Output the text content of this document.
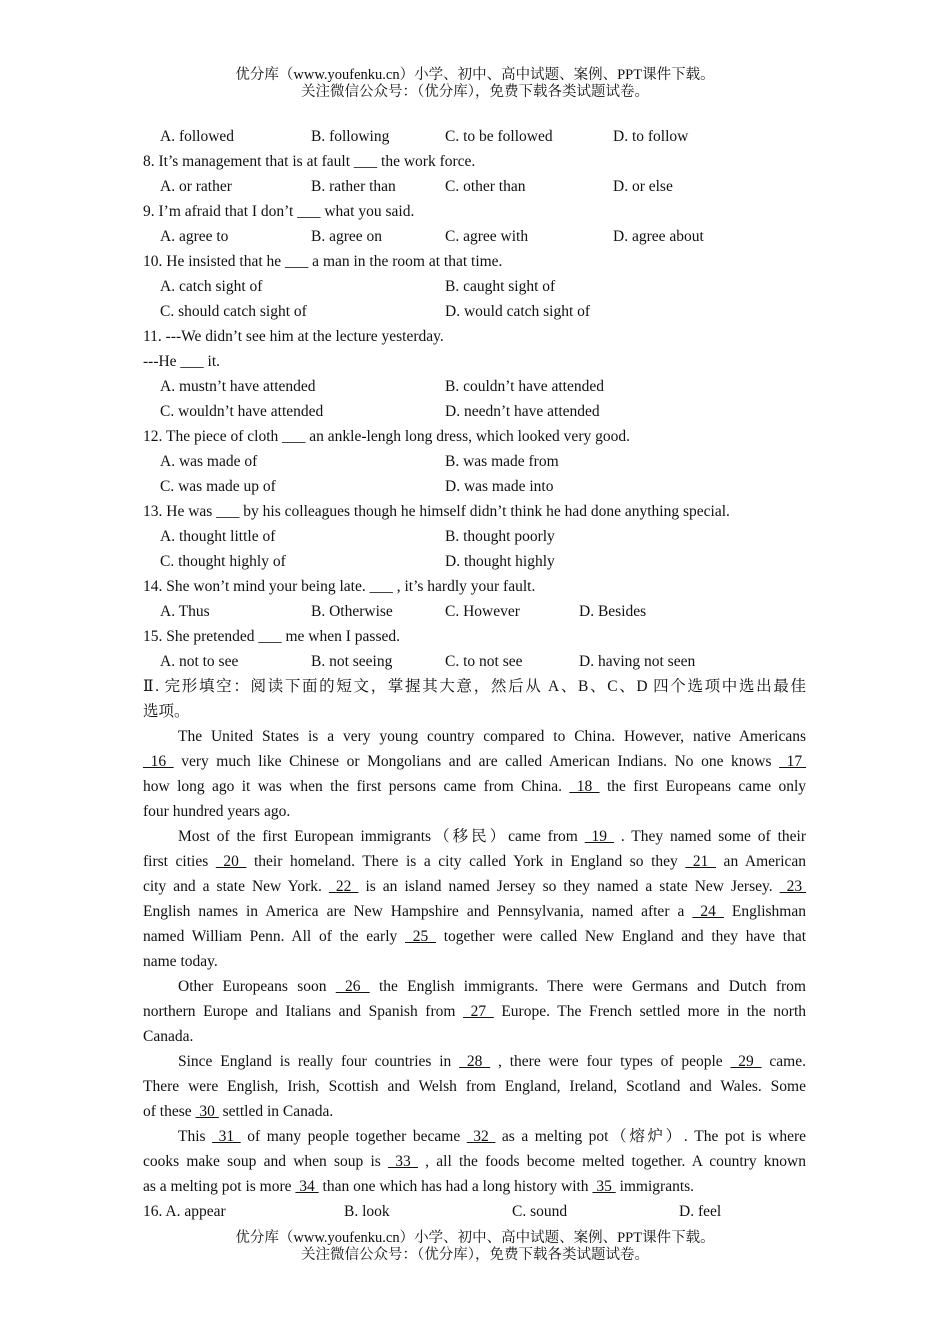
优分库（www.youfenku.cn）小学、初中、高中试题、案例、PPT课件下载。
关注微信公众号：（优分库），免费下载各类试题试卷。
A. followed	B. following	C. to be followed	D. to follow
8. It’s management that is at fault ___ the work force.
A. or rather	B. rather than	C. other than	D. or else
9. I’m afraid that I don’t ___ what you said.
A. agree to	B. agree on	C. agree with	D. agree about
10. He insisted that he ___ a man in the room at that time.
A. catch sight of	B. caught sight of
C. should catch sight of	D. would catch sight of
11. ---We didn’t see him at the lecture yesterday.
---He ___ it.
A. mustn’t have attended	B. couldn’t have attended
C. wouldn’t have attended	D. needn’t have attended
12. The piece of cloth ___ an ankle-lengh long dress, which looked very good.
A. was made of	B. was made from
C. was made up of	D. was made into
13. He was ___ by his colleagues though he himself didn’t think he had done anything special.
A. thought little of	B. thought poorly
C. thought highly of	D. thought highly
14. She won’t mind your being late. ___ , it’s hardly your fault.
A. Thus	B. Otherwise	C. However	D. Besides
15. She pretended ___ me when I passed.
A. not to see	B. not seeing	C. to not see	D. having not seen
Ⅱ. 完形填空：阅读下面的短文，掌握其大意，然后从 A、B、C、D 四个选项中选出最佳
选项。
The United States is a very young country compared to China. However, native Americans
16  very much like Chinese or Mongolians and are called American Indians. No one knows  17
how long ago it was when the first persons came from China.  18  the first Europeans came only
four hundred years ago.
Most of the first European immigrants（移民）came from  19  . They named some of their
first cities  20  their homeland. There is a city called York in England so they  21  an American
city and a state New York.  22  is an island named Jersey so they named a state New Jersey.  23
English names in America are New Hampshire and Pennsylvania, named after a  24  Englishman
named William Penn. All of the early  25  together were called New England and they have that
name today.
Other Europeans soon  26  the English immigrants. There were Germans and Dutch from
northern Europe and Italians and Spanish from  27  Europe. The French settled more in the north
Canada.
Since England is really four countries in  28  , there were four types of people  29  came.
There were English, Irish, Scottish and Welsh from England, Ireland, Scotland and Wales. Some
of these  30  settled in Canada.
This  31  of many people together became  32  as a melting pot（熔炉）. The pot is where
cooks make soup and when soup is  33  , all the foods become melted together. A country known
as a melting pot is more  34  than one which has had a long history with  35  immigrants.
16. A. appear	B. look	C. sound	D. feel
优分库（www.youfenku.cn）小学、初中、高中试题、案例、PPT课件下载。
关注微信公众号：（优分库），免费下载各类试题试卷。
